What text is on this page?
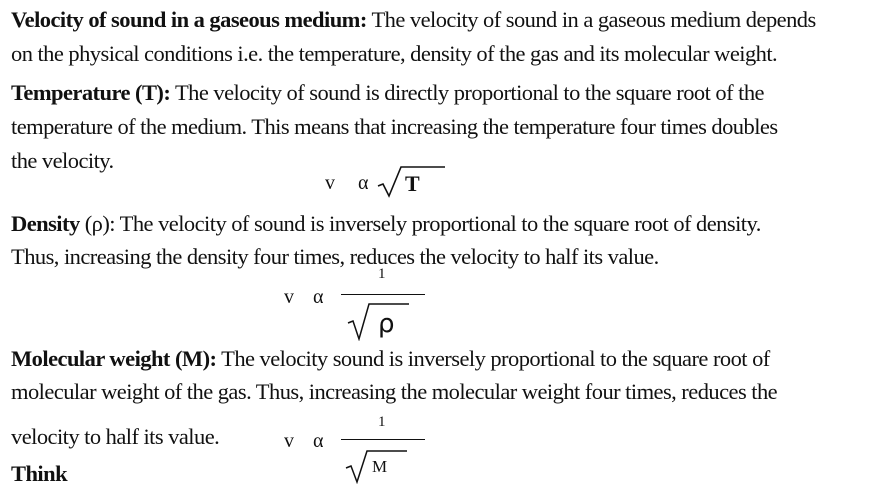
Velocity of sound in a gaseous medium: The velocity of sound in a gaseous medium depends
on the physical conditions i.e. the temperature, density of the gas and its molecular weight.
Temperature (T): The velocity of sound is directly proportional to the square root of the
temperature of the medium. This means that increasing the temperature four times doubles
the velocity.
v α T
Density (ρ): The velocity of sound is inversely proportional to the square root of density.
Thus, increasing the density four times, reduces the velocity to half its value.
v α
1
ρ
Molecular weight (M): The velocity sound is inversely proportional to the square root of
molecular weight of the gas. Thus, increasing the molecular weight four times, reduces the
velocity to half its value.	v α
1
M
Think
